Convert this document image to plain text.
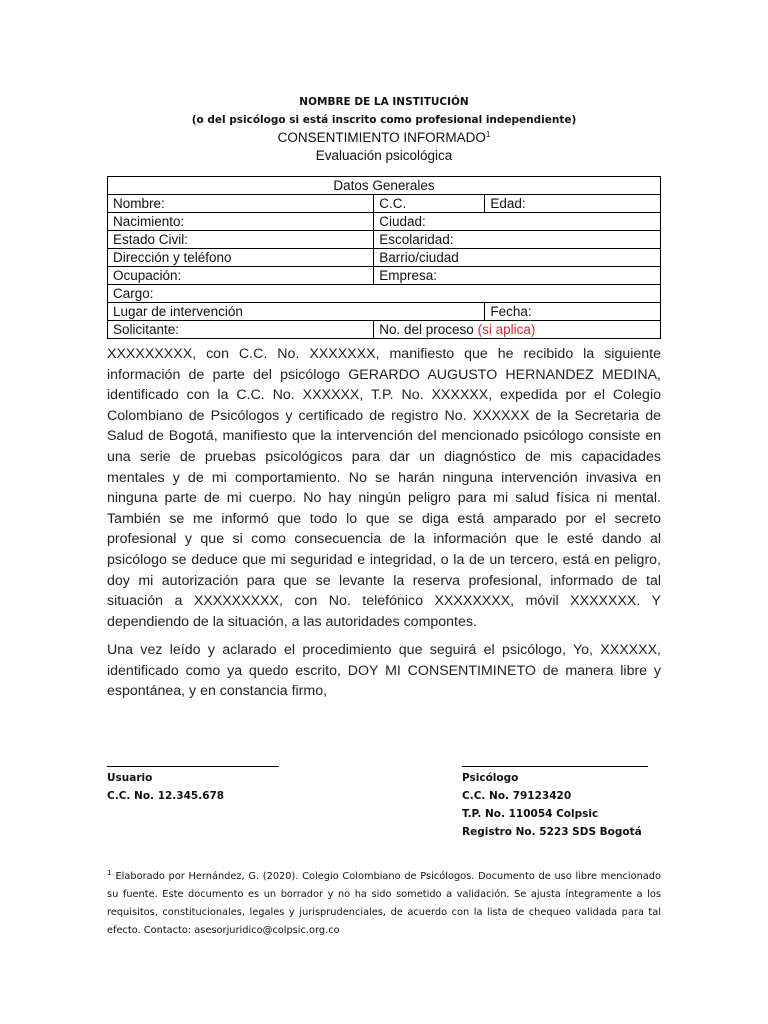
NOMBRE DE LA INSTITUCIÓN
(o del psicólogo si está inscrito como profesional independiente)
CONSENTIMIENTO INFORMADO$^1$
Evaluación psicológica
Datos Generales		
Nombre:	C.C.	Edad:
Nacimiento:	Ciudad:	
Estado Civil:	Escolaridad:	
Dirección y teléfono	Barrio/ciudad	
Ocupación:	Empresa:	
Cargo:		
Lugar de intervención		Fecha:
Solicitante:	No. del proceso (si aplica)	
XXXXXXXXX, con C.C. No. XXXXXXX, manifiesto que he recibido la siguiente información de parte del psicólogo GERARDO AUGUSTO HERNANDEZ MEDINA, identificado con la C.C. No. XXXXXX, T.P. No. XXXXXX, expedida por el Colegio Colombiano de Psicólogos y certificado de registro No. XXXXXX de la Secretaria de Salud de Bogotá, manifiesto que la intervención del mencionado psicólogo consiste en una serie de pruebas psicológicos para dar un diagnóstico de mis capacidades mentales y de mi comportamiento. No se harán ninguna intervención invasiva en ninguna parte de mi cuerpo. No hay ningún peligro para mi salud física ni mental. También se me informó que todo lo que se diga está amparado por el secreto profesional y que si como consecuencia de la información que le esté dando al psicólogo se deduce que mi seguridad e integridad, o la de un tercero, está en peligro, doy mi autorización para que se levante la reserva profesional, informado de tal situación a XXXXXXXXX, con No. telefónico XXXXXXXX, móvil XXXXXXX. Y dependiendo de la situación, a las autoridades compontes.
Una vez leído y aclarado el procedimiento que seguirá el psicólogo, Yo, XXXXXX, identificado como ya quedo escrito, DOY MI CONSENTIMINETO de manera libre y espontánea, y en constancia firmo,
Usuario
C.C. No. 12.345.678
Psicólogo
C.C. No. 79123420
T.P. No. 110054 Colpsic
Registro No. 5223 SDS Bogotá
$^1$ Elaborado por Hernández, G. (2020). Colegio Colombiano de Psicólogos. Documento de uso libre mencionado su fuente. Este documento es un borrador y no ha sido sometido a validación. Se ajusta íntegramente a los requisitos, constitucionales, legales y jurisprudenciales, de acuerdo con la lista de chequeo validada para tal efecto. Contacto: asesorjuridico@colpsic.org.co
